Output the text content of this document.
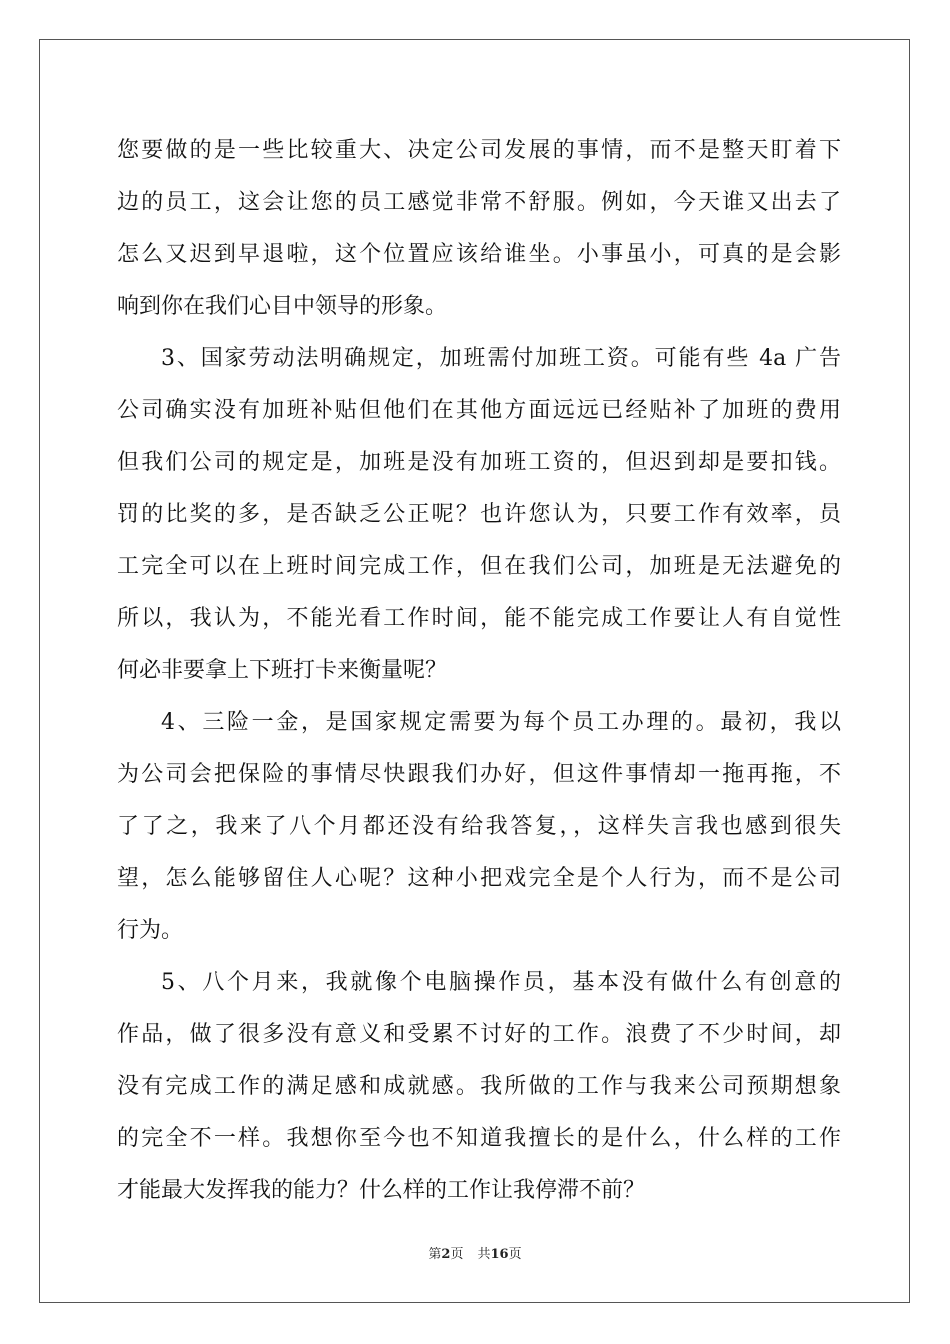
您要做的是一些比较重大、决定公司发展的事情，而不是整天盯着下
边的员工，这会让您的员工感觉非常不舒服。例如，今天谁又出去了
怎么又迟到早退啦，这个位置应该给谁坐。小事虽小，可真的是会影
响到你在我们心目中领导的形象。
3、国家劳动法明确规定，加班需付加班工资。可能有些 4a 广告
公司确实没有加班补贴但他们在其他方面远远已经贴补了加班的费用
但我们公司的规定是，加班是没有加班工资的，但迟到却是要扣钱。
罚的比奖的多，是否缺乏公正呢？也许您认为，只要工作有效率，员
工完全可以在上班时间完成工作，但在我们公司，加班是无法避免的
所以，我认为，不能光看工作时间，能不能完成工作要让人有自觉性
何必非要拿上下班打卡来衡量呢？
4、三险一金，是国家规定需要为每个员工办理的。最初，我以
为公司会把保险的事情尽快跟我们办好，但这件事情却一拖再拖，不
了了之，我来了八个月都还没有给我答复，，这样失言我也感到很失
望，怎么能够留住人心呢？这种小把戏完全是个人行为，而不是公司
行为。
5、八个月来，我就像个电脑操作员，基本没有做什么有创意的
作品，做了很多没有意义和受累不讨好的工作。浪费了不少时间，却
没有完成工作的满足感和成就感。我所做的工作与我来公司预期想象
的完全不一样。我想你至今也不知道我擅长的是什么，什么样的工作
才能最大发挥我的能力？什么样的工作让我停滞不前？
第2页 共16页
